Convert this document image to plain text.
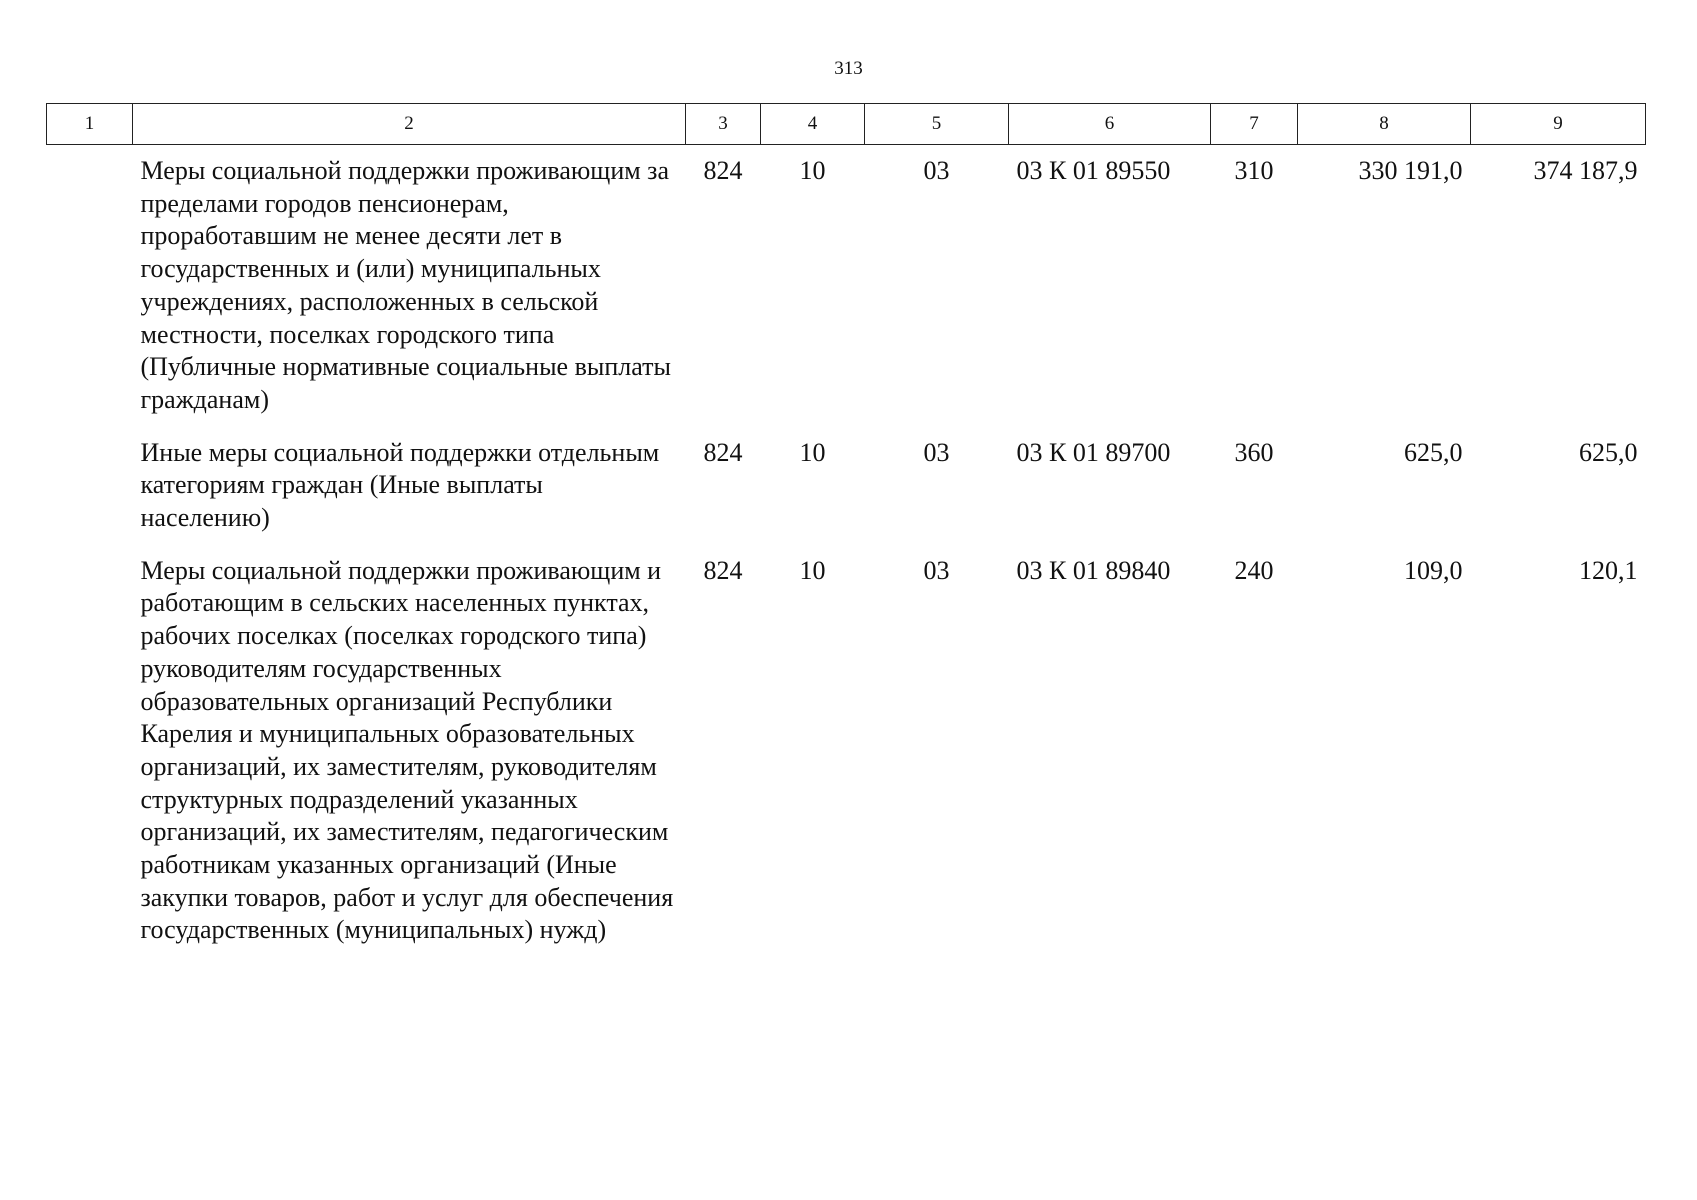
313
1	2	3	4	5	6	7	8	9
	Меры социальной поддержки проживающим за пределами городов пенсионерам, проработавшим не менее десяти лет в государственных и (или) муниципальных учреждениях, расположенных в сельской местности, поселках городского типа (Публичные нормативные социальные выплаты гражданам)	824	10	03	03 К 01 89550	310	330 191,0	374 187,9
	Иные меры социальной поддержки отдельным категориям граждан (Иные выплаты населению)	824	10	03	03 К 01 89700	360	625,0	625,0
	Меры социальной поддержки проживающим и работающим в сельских населенных пунктах, рабочих поселках (поселках городского типа) руководителям государственных образовательных организаций Республики Карелия и муниципальных образовательных организаций, их заместителям, руководителям структурных подразделений указанных организаций, их заместителям, педагогическим работникам указанных организаций (Иные закупки товаров, работ и услуг для обеспечения государственных (муниципальных) нужд)	824	10	03	03 К 01 89840	240	109,0	120,1
